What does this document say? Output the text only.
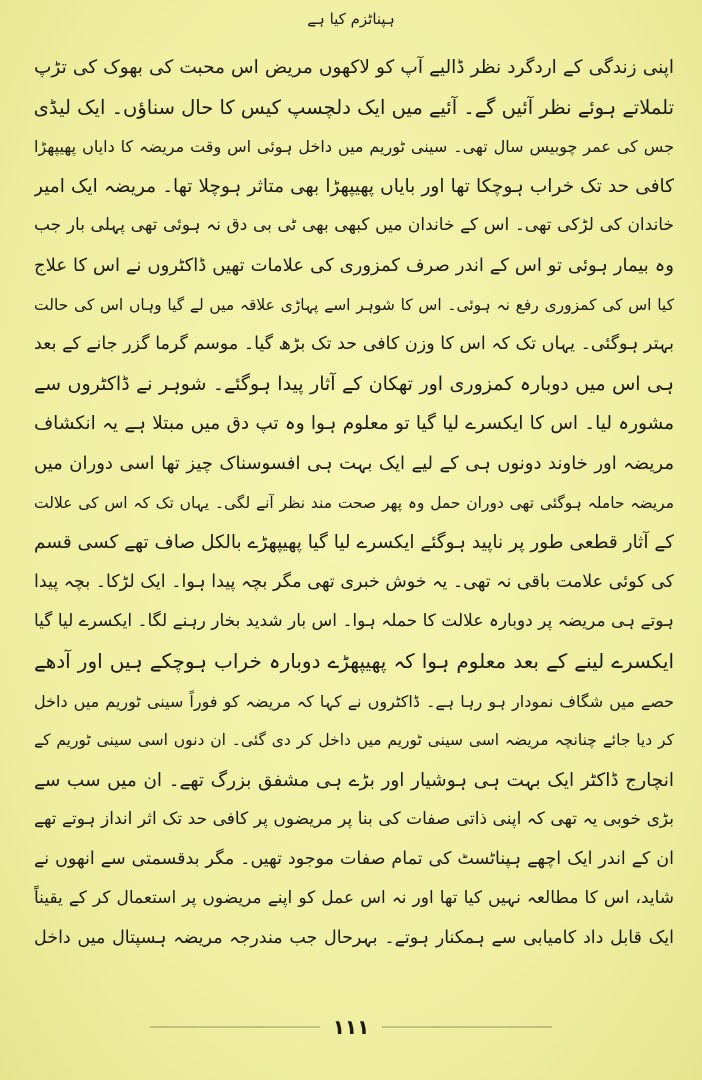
ہپناٹزم کیا ہے
اپنی زندگی کے اردگرد نظر ڈالیے آپ کو لاکھوں مریض اس محبت کی بھوک کی تڑپ
تلملاتے ہوئے نظر آئیں گے۔ آئیے میں ایک دلچسپ کیس کا حال سناؤں۔ ایک لیڈی
جس کی عمر چوبیس سال تھی۔ سینی ٹوریم میں داخل ہوئی اس وقت مریضہ کا دایاں پھیپھڑا
کافی حد تک خراب ہوچکا تھا اور بایاں پھیپھڑا بھی متاثر ہوچلا تھا۔ مریضہ ایک امیر
خاندان کی لڑکی تھی۔ اس کے خاندان میں کبھی بھی ٹی بی دق نہ ہوئی تھی پہلی بار جب
وہ بیمار ہوئی تو اس کے اندر صرف کمزوری کی علامات تھیں ڈاکٹروں نے اس کا علاج
کیا اس کی کمزوری رفع نہ ہوئی۔ اس کا شوہر اسے پہاڑی علاقہ میں لے گیا وہاں اس کی حالت
بہتر ہوگئی۔ یہاں تک کہ اس کا وزن کافی حد تک بڑھ گیا۔ موسم گرما گزر جانے کے بعد
ہی اس میں دوبارہ کمزوری اور تھکان کے آثار پیدا ہوگئے۔ شوہر نے ڈاکٹروں سے
مشورہ لیا۔ اس کا ایکسرے لیا گیا تو معلوم ہوا وہ تپ دق میں مبتلا ہے یہ انکشاف
مریضہ اور خاوند دونوں ہی کے لیے ایک بہت ہی افسوسناک چیز تھا اسی دوران میں
مریضہ حاملہ ہوگئی تھی دوران حمل وہ پھر صحت مند نظر آنے لگی۔ یہاں تک کہ اس کی علالت
کے آثار قطعی طور پر ناپید ہوگئے ایکسرے لیا گیا پھیپھڑے بالکل صاف تھے کسی قسم
کی کوئی علامت باقی نہ تھی۔ یہ خوش خبری تھی مگر بچہ پیدا ہوا۔ ایک لڑکا۔ بچہ پیدا
ہوتے ہی مریضہ پر دوبارہ علالت کا حملہ ہوا۔ اس بار شدید بخار رہنے لگا۔ ایکسرے لیا گیا
ایکسرے لینے کے بعد معلوم ہوا کہ پھیپھڑے دوبارہ خراب ہوچکے ہیں اور آدھے
حصے میں شگاف نمودار ہو رہا ہے۔ ڈاکٹروں نے کہا کہ مریضہ کو فوراً سینی ٹوریم میں داخل
کر دیا جائے چنانچہ مریضہ اسی سینی ٹوریم میں داخل کر دی گئی۔ ان دنوں اسی سینی ٹوریم کے
انچارج ڈاکٹر ایک بہت ہی ہوشیار اور بڑے ہی مشفق بزرگ تھے۔ ان میں سب سے
بڑی خوبی یہ تھی کہ اپنی ذاتی صفات کی بنا پر مریضوں پر کافی حد تک اثر انداز ہوتے تھے
ان کے اندر ایک اچھے ہپناٹسٹ کی تمام صفات موجود تھیں۔ مگر بدقسمتی سے انھوں نے
شاید، اس کا مطالعہ نہیں کیا تھا اور نہ اس عمل کو اپنے مریضوں پر استعمال کر کے یقیناً
ایک قابل داد کامیابی سے ہمکنار ہوتے۔ بہرحال جب مندرجہ مریضہ ہسپتال میں داخل
۱۱۱
